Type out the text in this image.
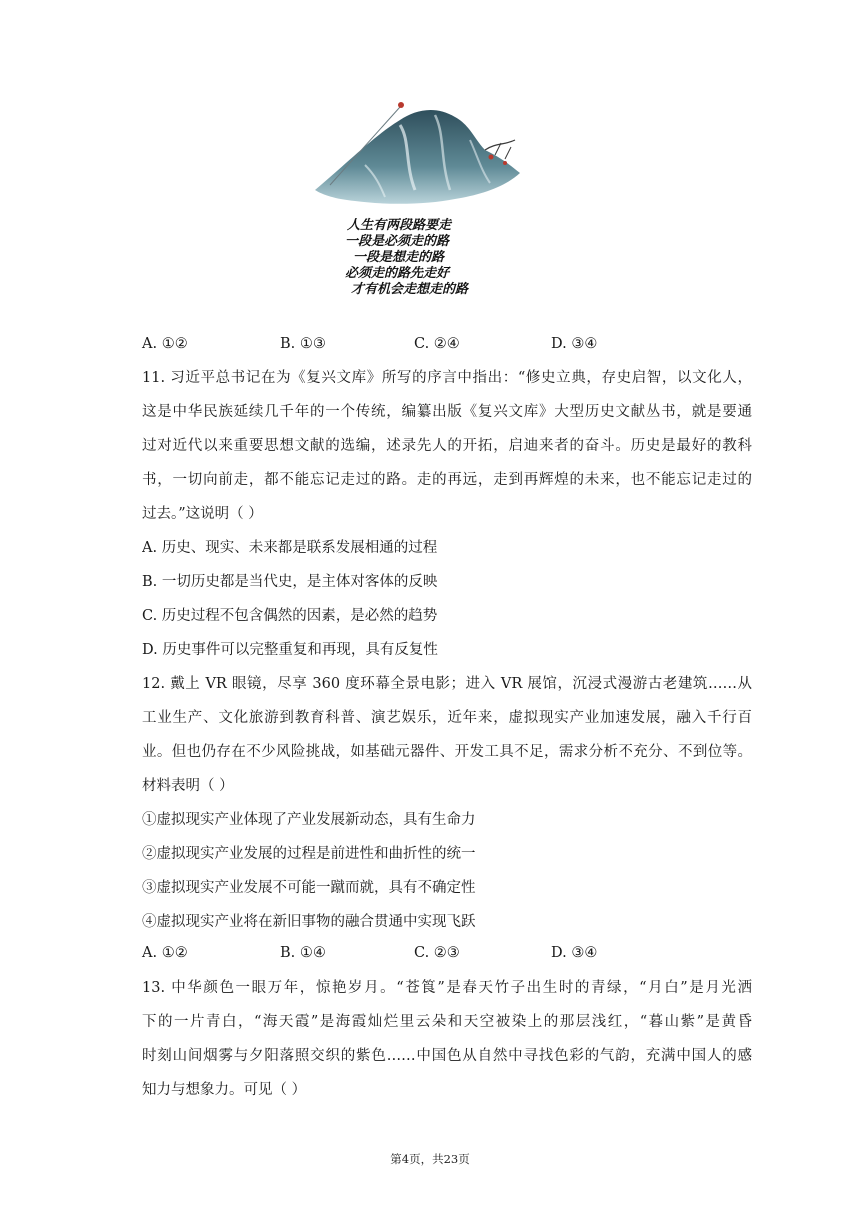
人生有两段路要走
一段是必须走的路
一段是想走的路
必须走的路先走好
才有机会走想走的路
A. ①②	B. ①③	C. ②④	D. ③④
11. 习近平总书记在为《复兴文库》所写的序言中指出：“修史立典，存史启智，以文化人，
这是中华民族延续几千年的一个传统，编纂出版《复兴文库》大型历史文献丛书，就是要通
过对近代以来重要思想文献的选编，述录先人的开拓，启迪来者的奋斗。历史是最好的教科
书，一切向前走，都不能忘记走过的路。走的再远，走到再辉煌的未来，也不能忘记走过的
过去。”这说明（ ）
A. 历史、现实、未来都是联系发展相通的过程
B. 一切历史都是当代史，是主体对客体的反映
C. 历史过程不包含偶然的因素，是必然的趋势
D. 历史事件可以完整重复和再现，具有反复性
12. 戴上 VR 眼镜，尽享 360 度环幕全景电影；进入 VR 展馆，沉浸式漫游古老建筑……从
工业生产、文化旅游到教育科普、演艺娱乐，近年来，虚拟现实产业加速发展，融入千行百
业。但也仍存在不少风险挑战，如基础元器件、开发工具不足，需求分析不充分、不到位等。
材料表明（ ）
①虚拟现实产业体现了产业发展新动态，具有生命力
②虚拟现实产业发展的过程是前进性和曲折性的统一
③虚拟现实产业发展不可能一蹴而就，具有不确定性
④虚拟现实产业将在新旧事物的融合贯通中实现飞跃
A. ①②	B. ①④	C. ②③	D. ③④
13. 中华颜色一眼万年，惊艳岁月。“苍筤”是春天竹子出生时的青绿，“月白”是月光洒
下的一片青白，“海天霞”是海霞灿烂里云朵和天空被染上的那层浅红，“暮山紫”是黄昏
时刻山间烟雾与夕阳落照交织的紫色……中国色从自然中寻找色彩的气韵，充满中国人的感
知力与想象力。可见（ ）
第4页，共23页
